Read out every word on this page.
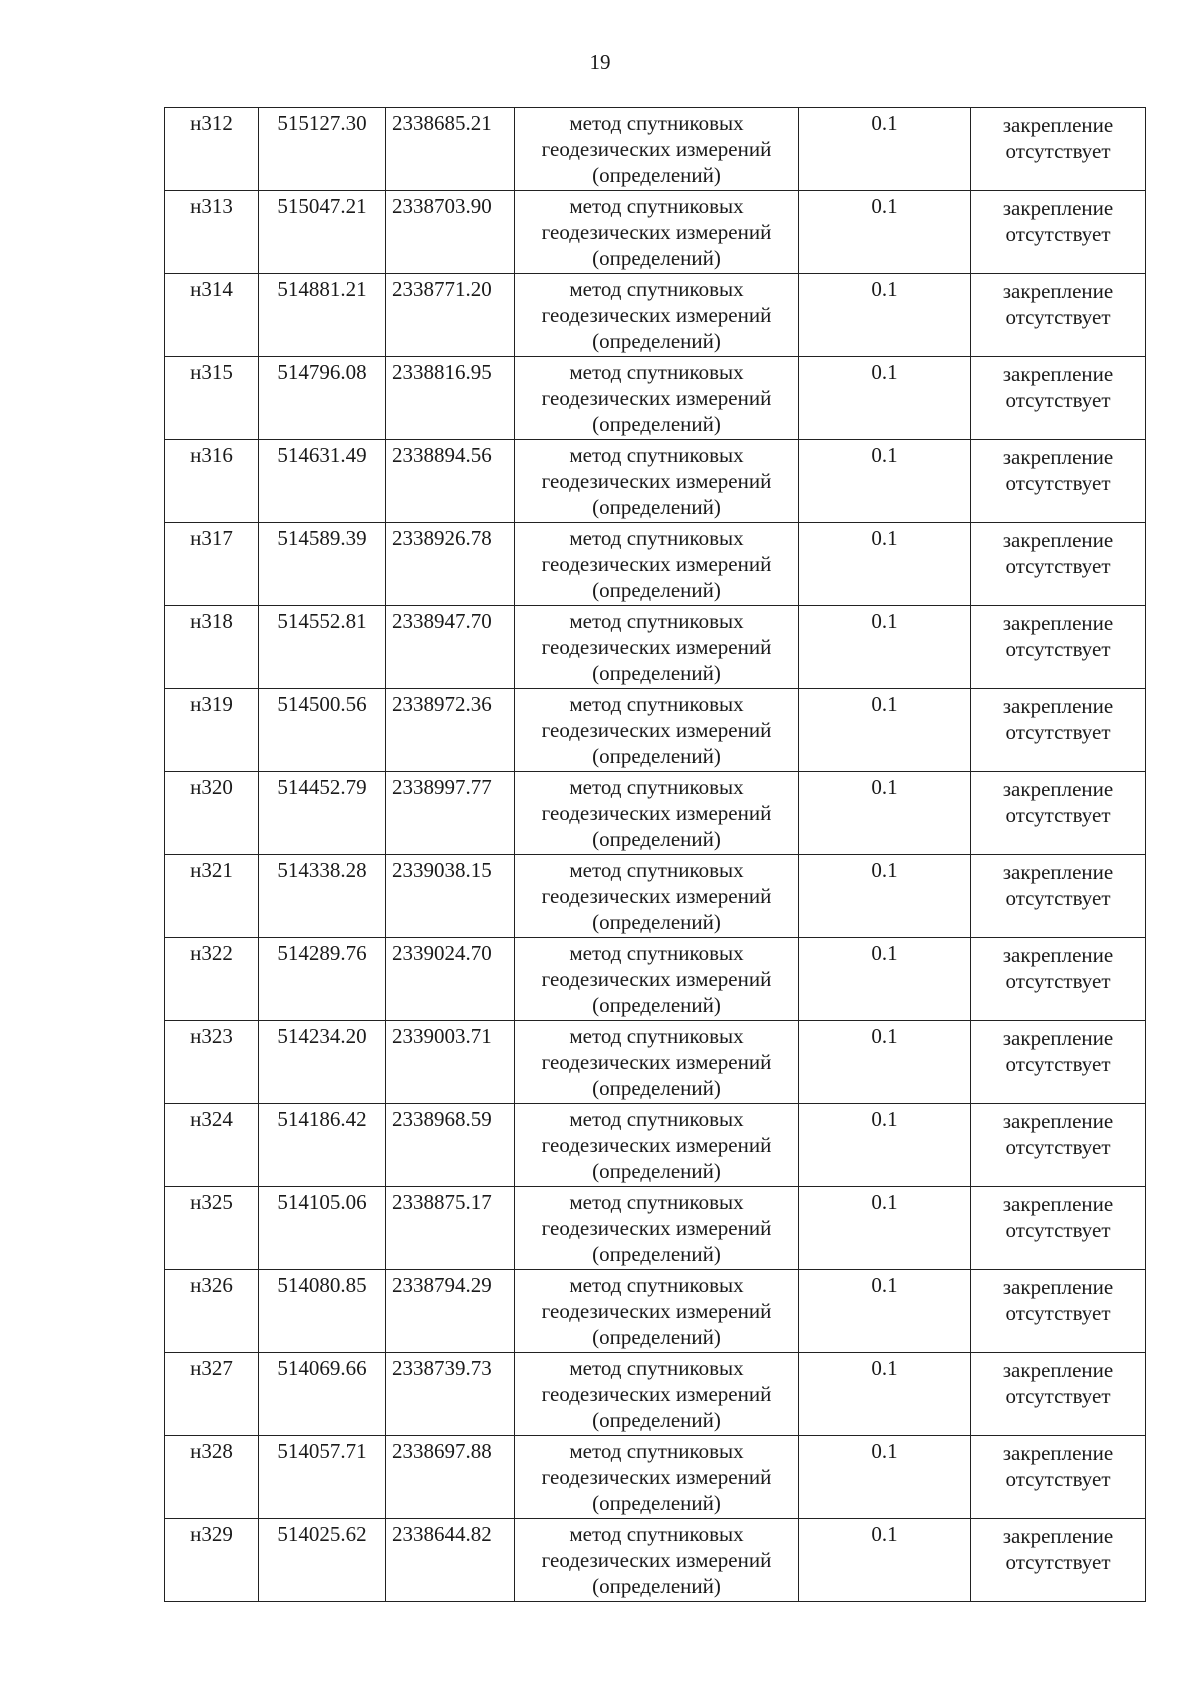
19
н312	515127.30	2338685.21	метод спутниковых
геодезических измерений
(определений)	0.1	закрепление
отсутствует

н313	515047.21	2338703.90	метод спутниковых
геодезических измерений
(определений)	0.1	закрепление
отсутствует

н314	514881.21	2338771.20	метод спутниковых
геодезических измерений
(определений)	0.1	закрепление
отсутствует

н315	514796.08	2338816.95	метод спутниковых
геодезических измерений
(определений)	0.1	закрепление
отсутствует

н316	514631.49	2338894.56	метод спутниковых
геодезических измерений
(определений)	0.1	закрепление
отсутствует

н317	514589.39	2338926.78	метод спутниковых
геодезических измерений
(определений)	0.1	закрепление
отсутствует

н318	514552.81	2338947.70	метод спутниковых
геодезических измерений
(определений)	0.1	закрепление
отсутствует

н319	514500.56	2338972.36	метод спутниковых
геодезических измерений
(определений)	0.1	закрепление
отсутствует

н320	514452.79	2338997.77	метод спутниковых
геодезических измерений
(определений)	0.1	закрепление
отсутствует

н321	514338.28	2339038.15	метод спутниковых
геодезических измерений
(определений)	0.1	закрепление
отсутствует

н322	514289.76	2339024.70	метод спутниковых
геодезических измерений
(определений)	0.1	закрепление
отсутствует

н323	514234.20	2339003.71	метод спутниковых
геодезических измерений
(определений)	0.1	закрепление
отсутствует

н324	514186.42	2338968.59	метод спутниковых
геодезических измерений
(определений)	0.1	закрепление
отсутствует

н325	514105.06	2338875.17	метод спутниковых
геодезических измерений
(определений)	0.1	закрепление
отсутствует

н326	514080.85	2338794.29	метод спутниковых
геодезических измерений
(определений)	0.1	закрепление
отсутствует

н327	514069.66	2338739.73	метод спутниковых
геодезических измерений
(определений)	0.1	закрепление
отсутствует

н328	514057.71	2338697.88	метод спутниковых
геодезических измерений
(определений)	0.1	закрепление
отсутствует

н329	514025.62	2338644.82	метод спутниковых
геодезических измерений
(определений)	0.1	закрепление
отсутствует
